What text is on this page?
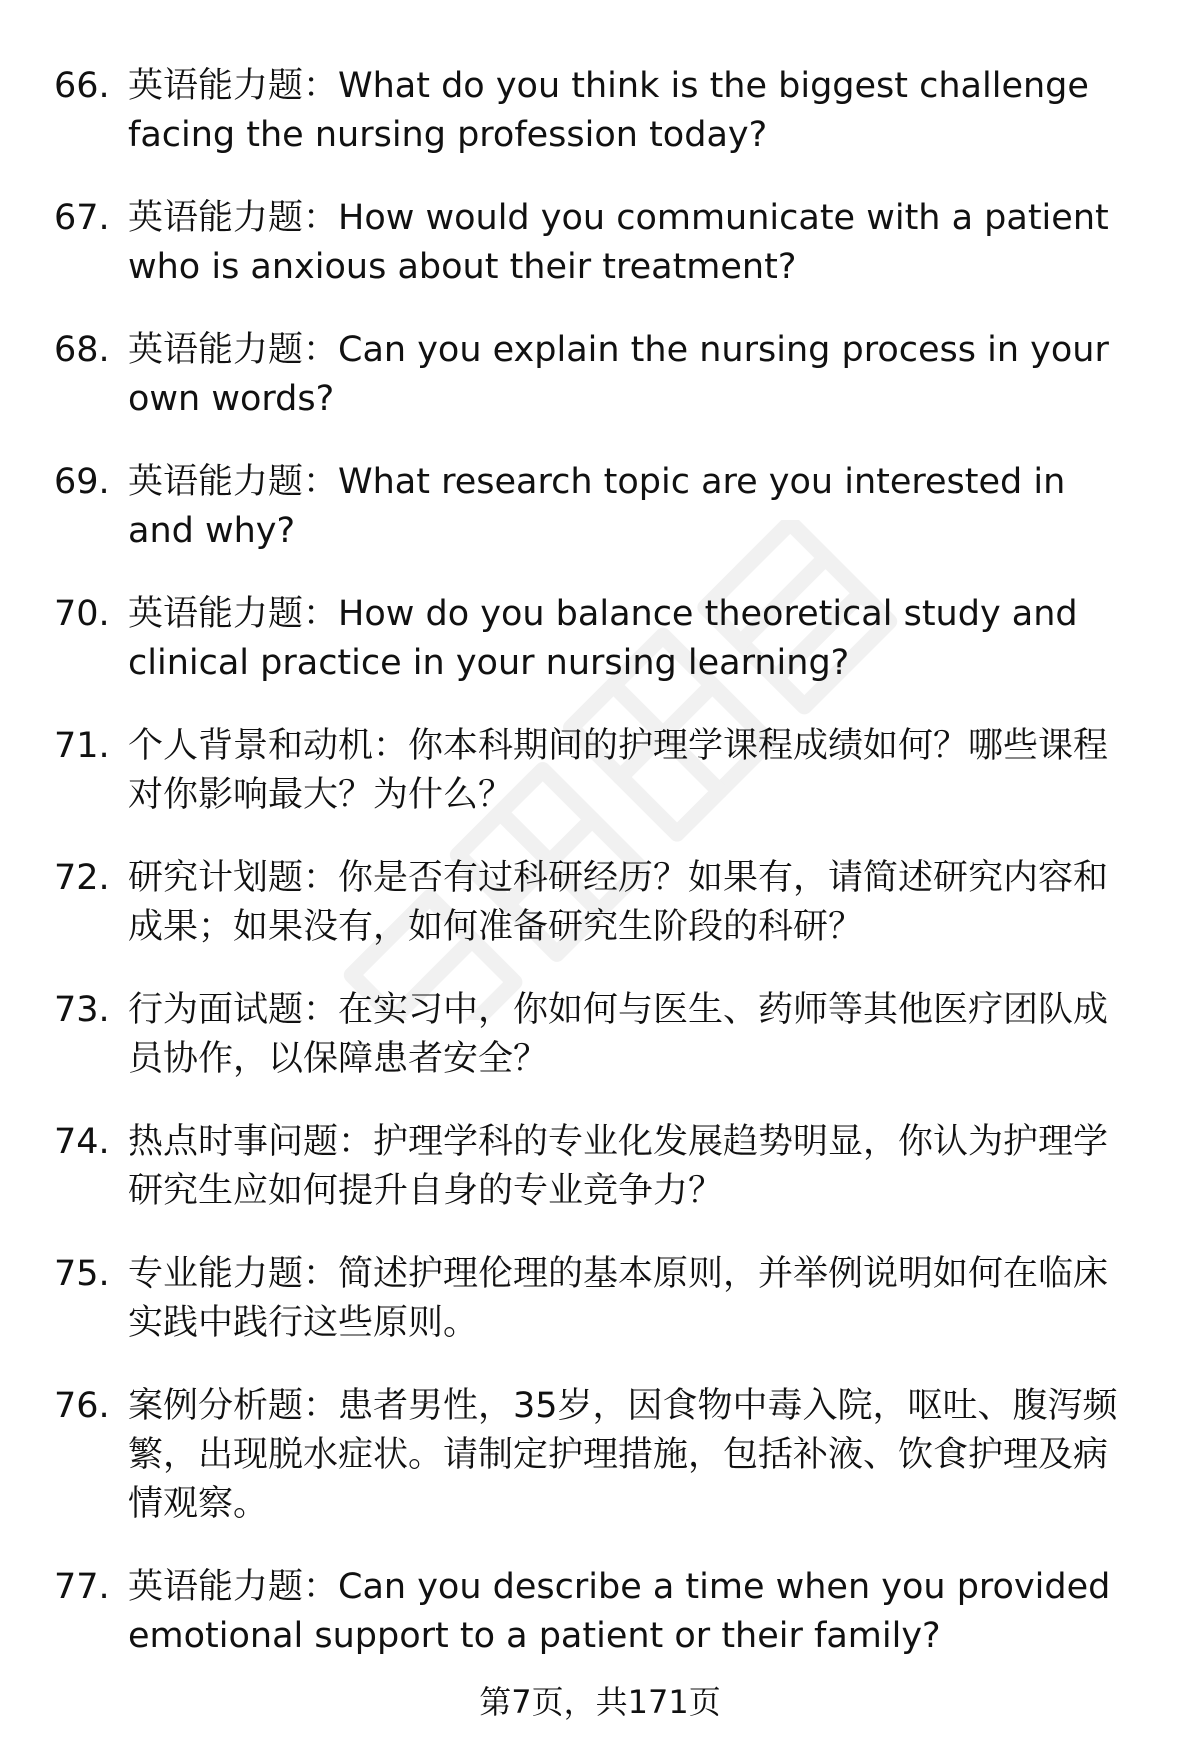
66. 英语能力题：What do you think is the biggest challenge facing the nursing profession today?
67. 英语能力题：How would you communicate with a patient who is anxious about their treatment?
68. 英语能力题：Can you explain the nursing process in your own words?
69. 英语能力题：What research topic are you interested in and why?
70. 英语能力题：How do you balance theoretical study and clinical practice in your nursing learning?
71. 个人背景和动机：你本科期间的护理学课程成绩如何？哪些课程对你影响最大？为什么？
72. 研究计划题：你是否有过科研经历？如果有，请简述研究内容和成果；如果没有，如何准备研究生阶段的科研？
73. 行为面试题：在实习中，你如何与医生、药师等其他医疗团队成员协作，以保障患者安全？
74. 热点时事问题：护理学科的专业化发展趋势明显，你认为护理学研究生应如何提升自身的专业竞争力？
75. 专业能力题：简述护理伦理的基本原则，并举例说明如何在临床实践中践行这些原则。
76. 案例分析题：患者男性，35岁，因食物中毒入院，呕吐、腹泻频繁，出现脱水症状。请制定护理措施，包括补液、饮食护理及病情观察。
77. 英语能力题：Can you describe a time when you provided emotional support to a patient or their family?
第7页，共171页
